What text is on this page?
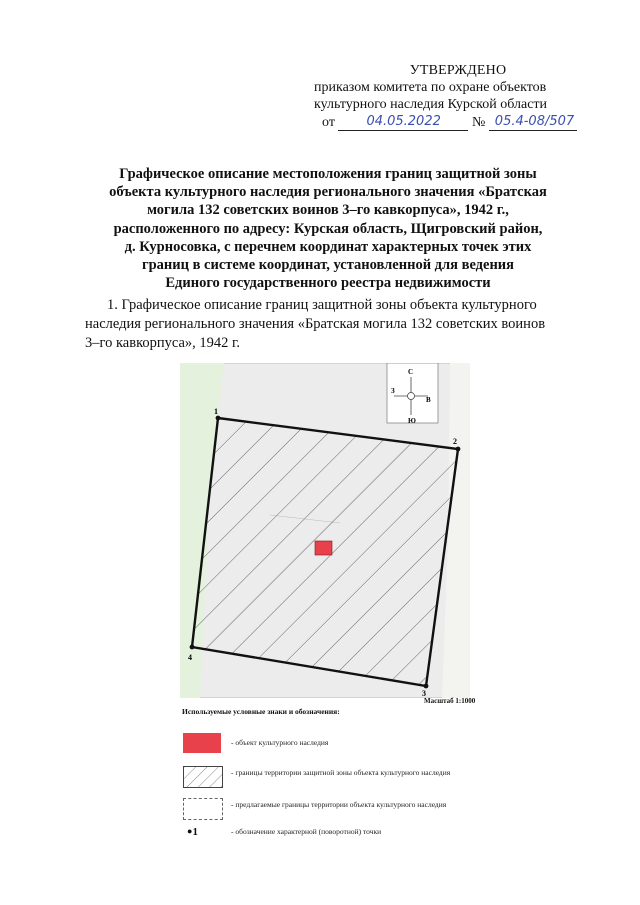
УТВЕРЖДЕНО
приказом комитета по охране объектов
культурного наследия Курской области
от 04.05.2022 № 05.4-08/507
Графическое описание местоположения границ защитной зоны
объекта культурного наследия регионального значения «Братская
могила 132 советских воинов 3–го кавкорпуса», 1942 г.,
расположенного по адресу: Курская область, Щигровский район,
д. Курносовка, с перечнем координат характерных точек этих
границ в системе координат, установленной для ведения
Единого государственного реестра недвижимости
1. Графическое описание границ защитной зоны объекта культурного
наследия регионального значения «Братская могила 132 советских воинов
3–го кавкорпуса», 1942 г.
С
Ю
В
З
1
2
3
4
Масштаб 1:1000
Используемые условные знаки и обозначения:
- объект культурного наследия
- границы территории защитной зоны объекта культурного наследия
- предлагаемые границы территории объекта культурного наследия
●1	- обозначение характерной (поворотной) точки
